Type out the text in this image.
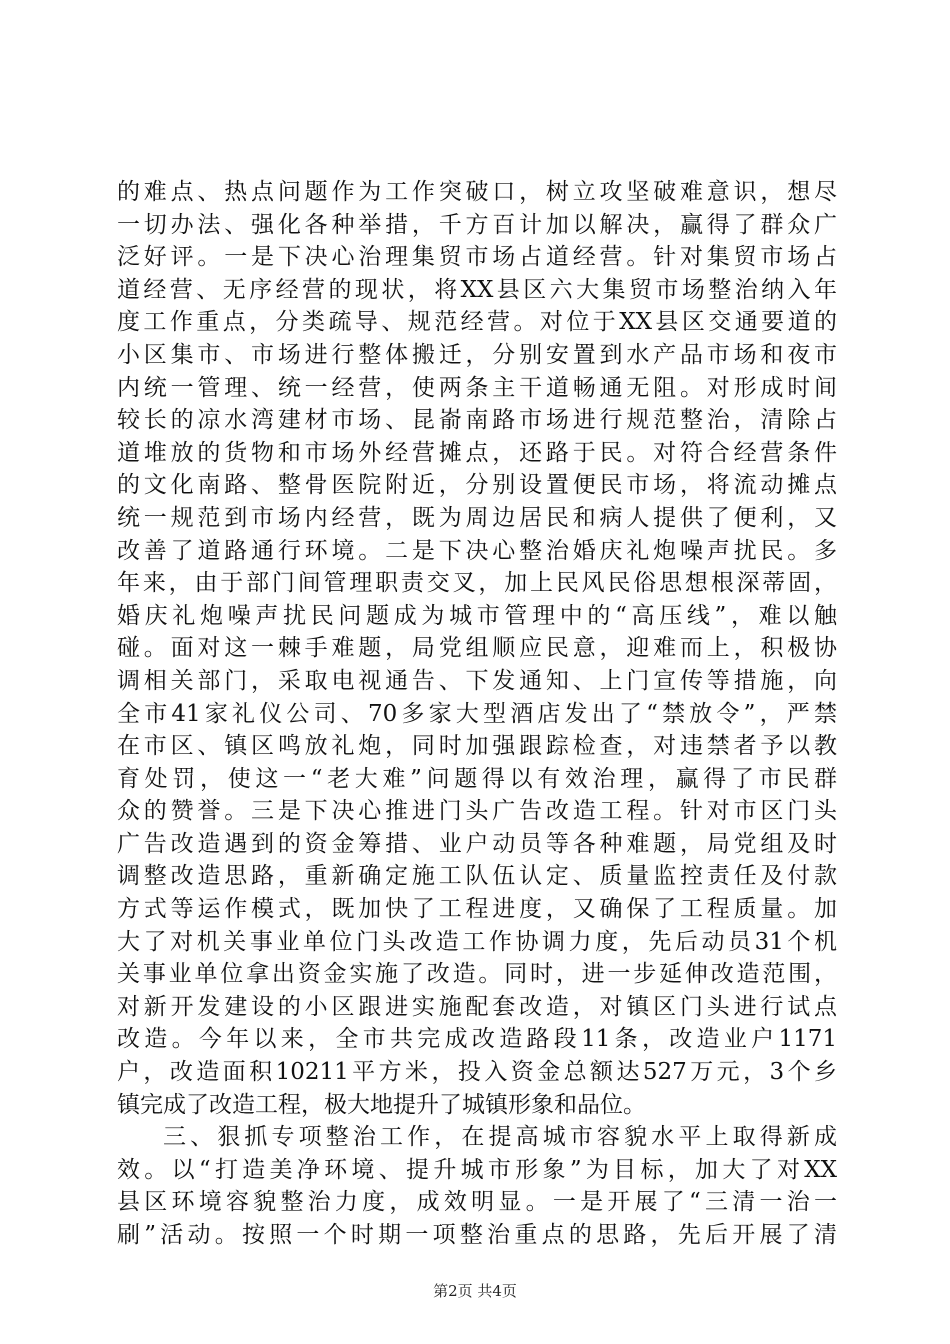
的难点、热点问题作为工作突破口，树立攻坚破难意识，想尽
一切办法、强化各种举措，千方百计加以解决，赢得了群众广
泛好评。一是下决心治理集贸市场占道经营。针对集贸市场占
道经营、无序经营的现状，将XX县区六大集贸市场整治纳入年
度工作重点，分类疏导、规范经营。对位于XX县区交通要道的
小区集市、市场进行整体搬迁，分别安置到水产品市场和夜市
内统一管理、统一经营，使两条主干道畅通无阻。对形成时间
较长的凉水湾建材市场、昆嵛南路市场进行规范整治，清除占
道堆放的货物和市场外经营摊点，还路于民。对符合经营条件
的文化南路、整骨医院附近，分别设置便民市场，将流动摊点
统一规范到市场内经营，既为周边居民和病人提供了便利，又
改善了道路通行环境。二是下决心整治婚庆礼炮噪声扰民。多
年来，由于部门间管理职责交叉，加上民风民俗思想根深蒂固，
婚庆礼炮噪声扰民问题成为城市管理中的“高压线”，难以触
碰。面对这一棘手难题，局党组顺应民意，迎难而上，积极协
调相关部门，采取电视通告、下发通知、上门宣传等措施，向
全市41家礼仪公司、70多家大型酒店发出了“禁放令”，严禁
在市区、镇区鸣放礼炮，同时加强跟踪检查，对违禁者予以教
育处罚，使这一“老大难”问题得以有效治理，赢得了市民群
众的赞誉。三是下决心推进门头广告改造工程。针对市区门头
广告改造遇到的资金筹措、业户动员等各种难题，局党组及时
调整改造思路，重新确定施工队伍认定、质量监控责任及付款
方式等运作模式，既加快了工程进度，又确保了工程质量。加
大了对机关事业单位门头改造工作协调力度，先后动员31个机
关事业单位拿出资金实施了改造。同时，进一步延伸改造范围，
对新开发建设的小区跟进实施配套改造，对镇区门头进行试点
改造。今年以来，全市共完成改造路段11条，改造业户1171
户，改造面积10211平方米，投入资金总额达527万元，3个乡
镇完成了改造工程，极大地提升了城镇形象和品位。
三、狠抓专项整治工作，在提高城市容貌水平上取得新成
效。以“打造美净环境、提升城市形象”为目标，加大了对XX
县区环境容貌整治力度，成效明显。一是开展了“三清一治一
刷”活动。按照一个时期一项整治重点的思路，先后开展了清
第2页 共4页
